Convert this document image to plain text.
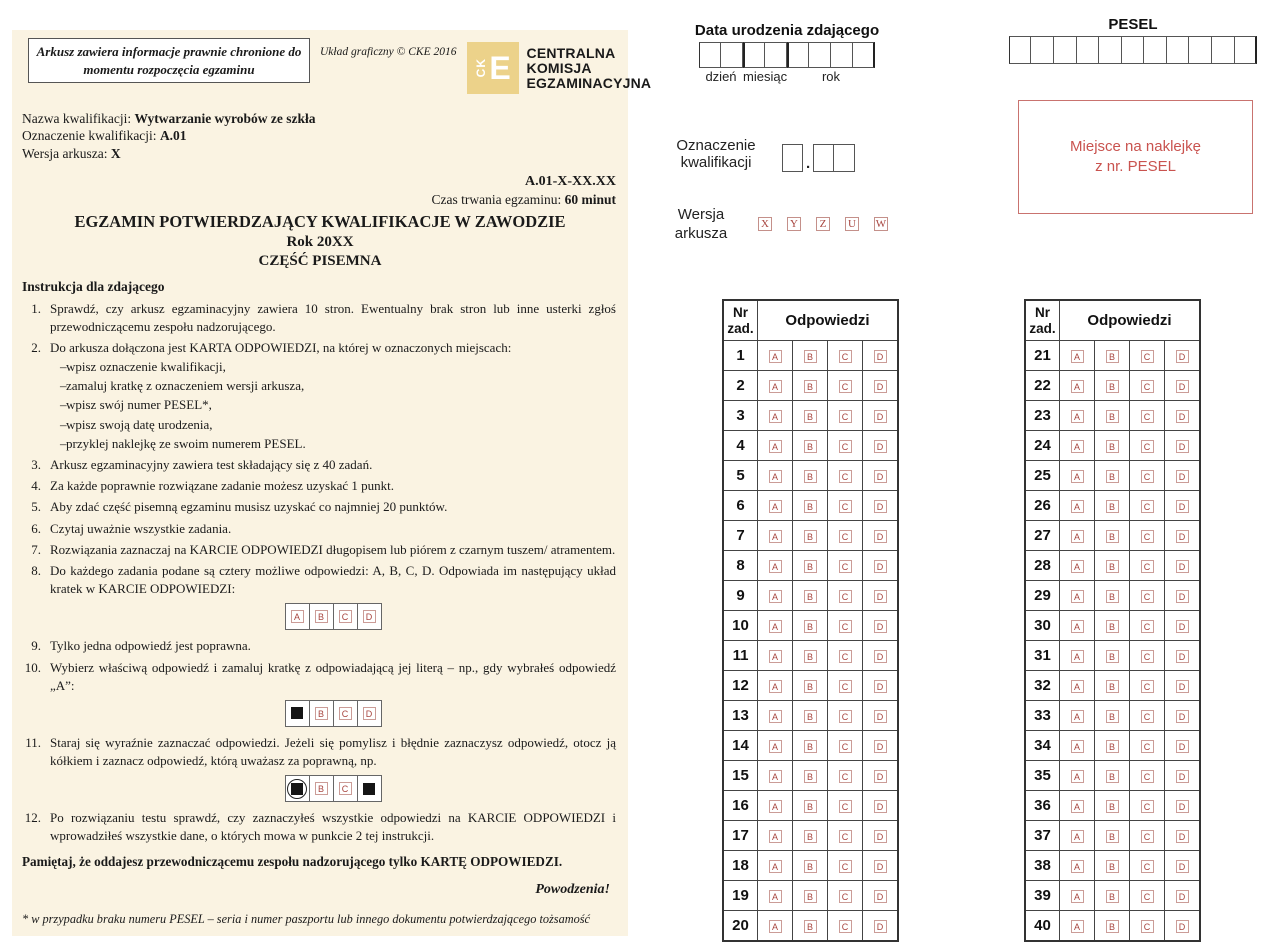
Arkusz zawiera informacje prawnie chronione do momentu rozpoczęcia egzaminu
Układ graficzny © CKE 2016
CK E CENTRALNA
KOMISJA
EGZAMINACYJNA
Nazwa kwalifikacji: Wytwarzanie wyrobów ze szkła
Oznaczenie kwalifikacji: A.01
Wersja arkusza: X
A.01-X-XX.XX
Czas trwania egzaminu: 60 minut
EGZAMIN POTWIERDZAJĄCY KWALIFIKACJE W ZAWODZIE
Rok 20XX
CZĘŚĆ PISEMNA
Instrukcja dla zdającego
1. Sprawdź, czy arkusz egzaminacyjny zawiera 10 stron. Ewentualny brak stron lub inne usterki zgłoś przewodniczącemu zespołu nadzorującego.
2. Do arkusza dołączona jest KARTA ODPOWIEDZI, na której w oznaczonych miejscach:
– wpisz oznaczenie kwalifikacji,
– zamaluj kratkę z oznaczeniem wersji arkusza,
– wpisz swój numer PESEL*,
– wpisz swoją datę urodzenia,
– przyklej naklejkę ze swoim numerem PESEL.
3. Arkusz egzaminacyjny zawiera test składający się z 40 zadań.
4. Za każde poprawnie rozwiązane zadanie możesz uzyskać 1 punkt.
5. Aby zdać część pisemną egzaminu musisz uzyskać co najmniej 20 punktów.
6. Czytaj uważnie wszystkie zadania.
7. Rozwiązania zaznaczaj na KARCIE ODPOWIEDZI długopisem lub piórem z czarnym tuszem/ atramentem.
8. Do każdego zadania podane są cztery możliwe odpowiedzi: A, B, C, D. Odpowiada im następujący układ kratek w KARCIE ODPOWIEDZI:
A	B	C	D
9. Tylko jedna odpowiedź jest poprawna.
10. Wybierz właściwą odpowiedź i zamaluj kratkę z odpowiadającą jej literą – np., gdy wybrałeś odpowiedź „A”:
B	C	D
11. Staraj się wyraźnie zaznaczać odpowiedzi. Jeżeli się pomylisz i błędnie zaznaczysz odpowiedź, otocz ją kółkiem i zaznacz odpowiedź, którą uważasz za poprawną, np.
B	C
12. Po rozwiązaniu testu sprawdź, czy zaznaczyłeś wszystkie odpowiedzi na KARCIE ODPOWIEDZI i wprowadziłeś wszystkie dane, o których mowa w punkcie 2 tej instrukcji.
Pamiętaj, że oddajesz przewodniczącemu zespołu nadzorującego tylko KARTĘ ODPOWIEDZI.
Powodzenia!
* w przypadku braku numeru PESEL – seria i numer paszportu lub innego dokumentu potwierdzającego tożsamość
Data urodzenia zdającego
dzień miesiąc	rok
Oznaczenie
kwalifikacji	.
Wersja
arkusza
X Y	Z	U W
PESEL
Miejsce na naklejkę
z nr. PESEL
Nr
zad.	Odpowiedzi			
1	A	B	C	D
2	A	B	C	D
3	A	B	C	D
4	A	B	C	D
5	A	B	C	D
6	A	B	C	D
7	A	B	C	D
8	A	B	C	D
9	A	B	C	D
10	A	B	C	D
11	A	B	C	D
12	A	B	C	D
13	A	B	C	D
14	A	B	C	D
15	A	B	C	D
16	A	B	C	D
17	A	B	C	D
18	A	B	C	D
19	A	B	C	D
20	A	B	C	D
Nr
zad.	Odpowiedzi			
21	A	B	C	D
22	A	B	C	D
23	A	B	C	D
24	A	B	C	D
25	A	B	C	D
26	A	B	C	D
27	A	B	C	D
28	A	B	C	D
29	A	B	C	D
30	A	B	C	D
31	A	B	C	D
32	A	B	C	D
33	A	B	C	D
34	A	B	C	D
35	A	B	C	D
36	A	B	C	D
37	A	B	C	D
38	A	B	C	D
39	A	B	C	D
40	A	B	C	D
